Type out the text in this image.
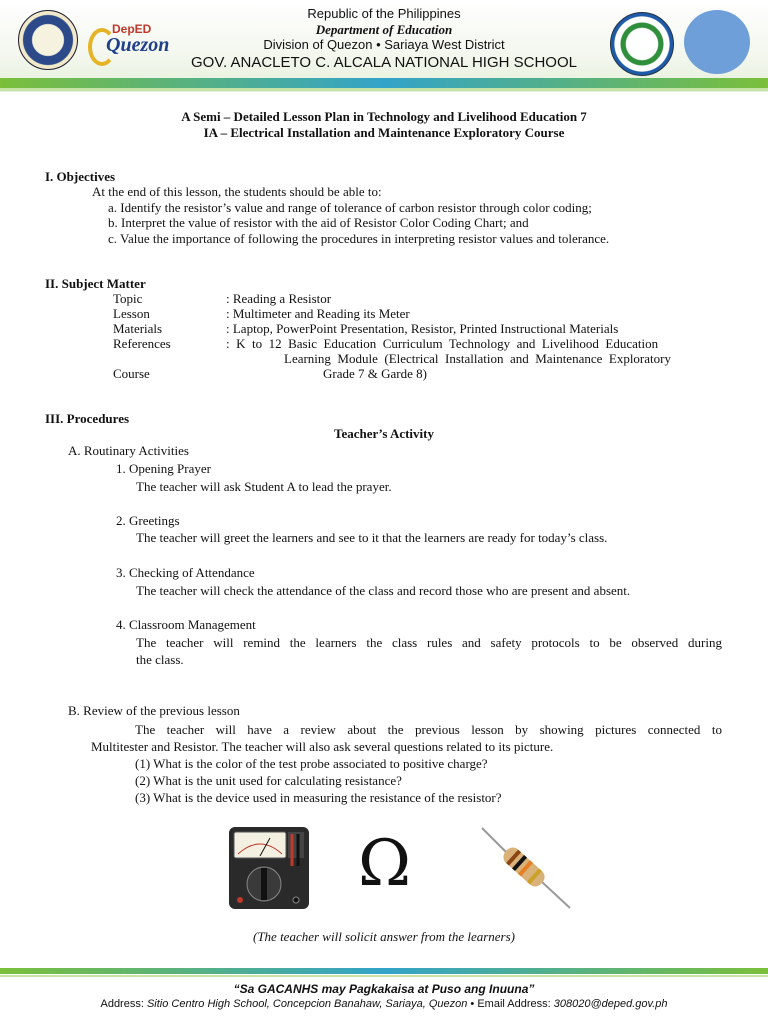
DepED
Quezon
Republic of the Philippines
Department of Education
Division of Quezon • Sariaya West District
GOV. ANACLETO C. ALCALA NATIONAL HIGH SCHOOL
A Semi – Detailed Lesson Plan in Technology and Livelihood Education 7
IA – Electrical Installation and Maintenance Exploratory Course
I. Objectives
At the end of this lesson, the students should be able to:
a. Identify the resistor’s value and range of tolerance of carbon resistor through color coding;
b. Interpret the value of resistor with the aid of Resistor Color Coding Chart; and
c. Value the importance of following the procedures in interpreting resistor values and tolerance.
II. Subject Matter
Topic	: Reading a Resistor
Lesson	: Multimeter and Reading its Meter
Materials	: Laptop, PowerPoint Presentation, Resistor, Printed Instructional Materials
References	:  K  to  12  Basic  Education  Curriculum  Technology  and  Livelihood  Education
Learning  Module  (Electrical  Installation  and  Maintenance  Exploratory
Course	Grade 7 & Garde 8)
III. Procedures
Teacher’s Activity
A. Routinary Activities
1. Opening Prayer
The teacher will ask Student A to lead the prayer.
2. Greetings
The teacher will greet the learners and see to it that the learners are ready for today’s class.
3. Checking of Attendance
The teacher will check the attendance of the class and record those who are present and absent.
4. Classroom Management
The teacher will remind the learners the class rules and safety protocols to be observed during
the class.
B. Review of the previous lesson
The teacher will have a review about the previous lesson by showing pictures connected to
Multitester and Resistor. The teacher will also ask several questions related to its picture.
(1) What is the color of the test probe associated to positive charge?
(2) What is the unit used for calculating resistance?
(3) What is the device used in measuring the resistance of the resistor?
Ω
(The teacher will solicit answer from the learners)
“Sa GACANHS may Pagkakaisa at Puso ang Inuuna”
Address: Sitio Centro High School, Concepcion Banahaw, Sariaya, Quezon • Email Address: 308020@deped.gov.ph
